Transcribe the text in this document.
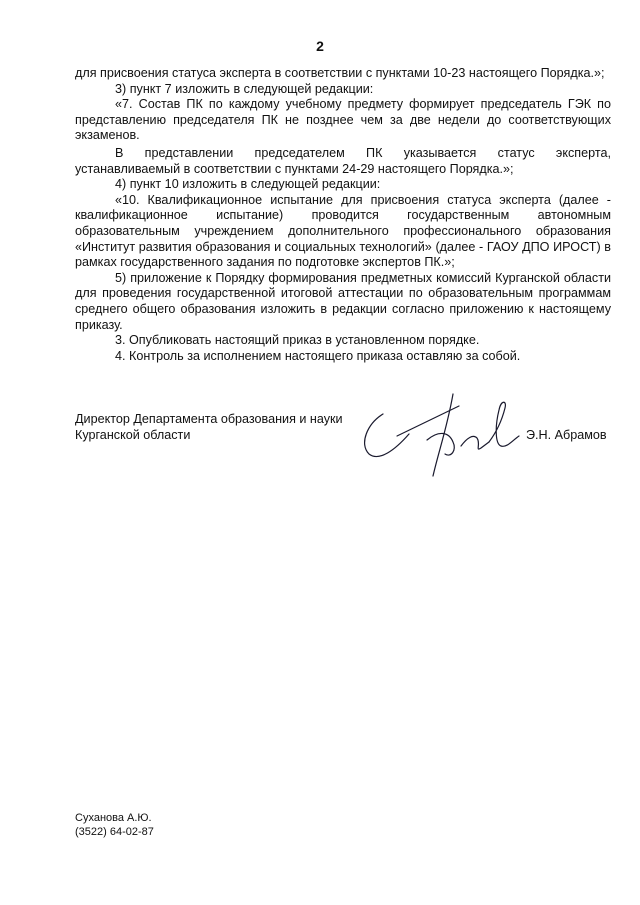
2

для присвоения статуса эксперта в соответствии с пунктами 10-23 настоящего Порядка.»;

3) пункт 7 изложить в следующей редакции:

«7. Состав ПК по каждому учебному предмету формирует председатель ГЭК по представлению председателя ПК не позднее чем за две недели до соответствующих экзаменов.

В представлении председателем ПК указывается статус эксперта, устанавливаемый в соответствии с пунктами 24-29 настоящего Порядка.»;

4) пункт 10 изложить в следующей редакции:

«10. Квалификационное испытание для присвоения статуса эксперта (далее - квалификационное испытание) проводится государственным автономным образовательным учреждением дополнительного профессионального образования «Институт развития образования и социальных технологий» (далее - ГАОУ ДПО ИРОСТ) в рамках государственного задания по подготовке экспертов ПК.»;

5) приложение к Порядку формирования предметных комиссий Курганской области для проведения государственной итоговой аттестации по образовательным программам среднего общего образования изложить в редакции согласно приложению к настоящему приказу.

3. Опубликовать настоящий приказ в установленном порядке.

4. Контроль за исполнением настоящего приказа оставляю за собой.

Директор Департамента образования и науки
Курганской области	Э.Н. Абрамов
Суханова А.Ю.
(3522) 64-02-87
